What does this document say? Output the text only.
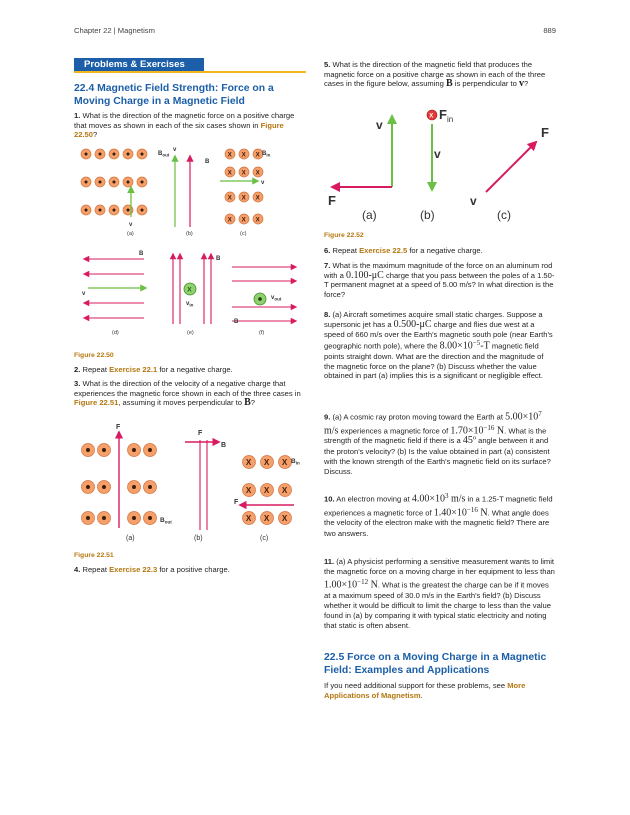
Chapter 22 | Magnetism	889
Problems & Exercises
22.4 Magnetic Field Strength: Force on a Moving Charge in a Magnetic Field
1. What is the direction of the magnetic force on a positive charge that moves as shown in each of the six cases shown in Figure 22.50?
$B_{out}$
v
(a)
v
B
(b)
X X X
X X X
X X X
X X X
$B_{in}$
v
(c)
B
v
(d)
X
$v_{in}$
B
(e)
$v_{out}$
B
(f)
Figure 22.50
2. Repeat Exercise 22.1 for a negative charge.
3. What is the direction of the velocity of a negative charge that experiences the magnetic force shown in each of the three cases in Figure 22.51, assuming it moves perpendicular to B?
F
$B_{out}$
(a)
F
B
(b)
X X X
X X X
X X X
F
$B_{in}$
(c)
Figure 22.51
4. Repeat Exercise 22.3 for a positive charge.
5. What is the direction of the magnetic field that produces the magnetic force on a positive charge as shown in each of the three cases in the figure below, assuming B is perpendicular to v?
v
F
(a)
X $F_{in}$
v
(b)
F
v
(c)
Figure 22.52
6. Repeat Exercise 22.5 for a negative charge.
7. What is the maximum magnitude of the force on an aluminum rod with a 0.100-μC charge that you pass between the poles of a 1.50-T permanent magnet at a speed of 5.00 m/s? In what direction is the force?
8. (a) Aircraft sometimes acquire small static charges. Suppose a supersonic jet has a 0.500-μC charge and flies due west at a speed of 660 m/s over the Earth's magnetic south pole (near Earth's geographic north pole), where the $8.00\times 10^{-5}-T$ magnetic field points straight down. What are the direction and the magnitude of the magnetic force on the plane? (b) Discuss whether the value obtained in part (a) implies this is a significant or negligible effect.
9. (a) A cosmic ray proton moving toward the Earth at $5.00\times 10^7$ m/s experiences a magnetic force of $1.70\times 10^{-16}$ N. What is the strength of the magnetic field if there is a 45º angle between it and the proton's velocity? (b) Is the value obtained in part (a) consistent with the known strength of the Earth's magnetic field on its surface? Discuss.
10. An electron moving at $4.00\times 10^3$ m/s in a 1.25-T magnetic field experiences a magnetic force of $1.40\times 10^{-16}$ N. What angle does the velocity of the electron make with the magnetic field? There are two answers.
11. (a) A physicist performing a sensitive measurement wants to limit the magnetic force on a moving charge in her equipment to less than $1.00\times 10^{-12}$ N. What is the greatest the charge can be if it moves at a maximum speed of 30.0 m/s in the Earth's field? (b) Discuss whether it would be difficult to limit the charge to less than the value found in (a) by comparing it with typical static electricity and noting that static is often absent.
22.5 Force on a Moving Charge in a Magnetic Field: Examples and Applications
If you need additional support for these problems, see More Applications of Magnetism.
